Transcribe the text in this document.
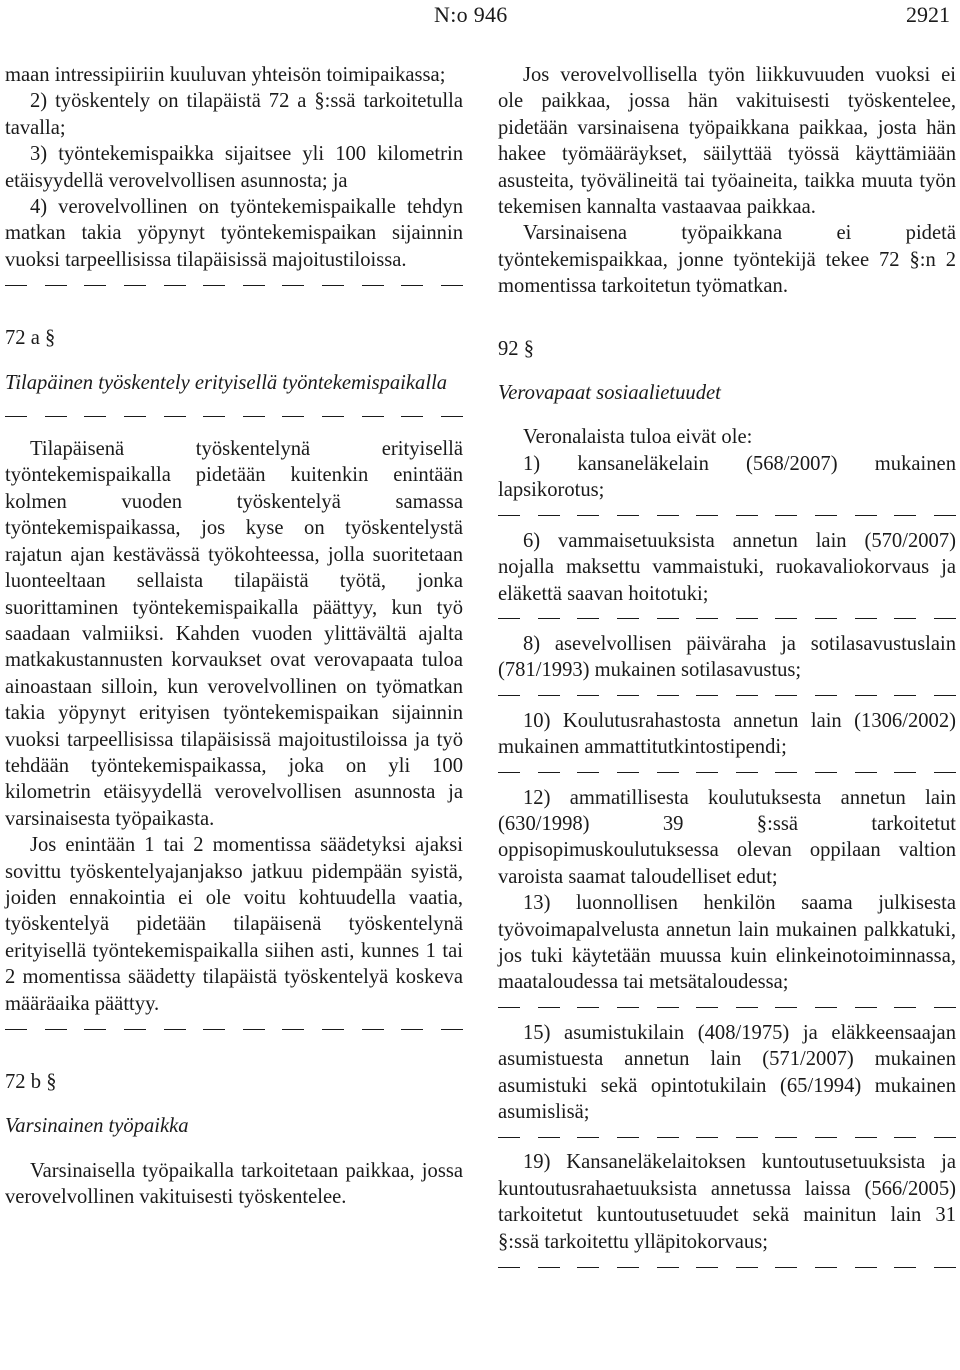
N:o 946	2921

maan intressipiiriin kuuluvan yhteisön toimipaikassa;

2) työskentely on tilapäistä 72 a §:ssä tarkoitetulla tavalla;

3) työntekemispaikka sijaitsee yli 100 kilometrin etäisyydellä verovelvollisen asunnosta; ja

4) verovelvollinen on työntekemispaikalle tehdyn matkan takia yöpynyt työntekemispaikan sijainnin vuoksi tarpeellisissa tilapäisissä majoitustiloissa.

72 a §

Tilapäinen työskentely erityisellä työntekemispaikalla

Tilapäisenä työskentelynä erityisellä työntekemispaikalla pidetään kuitenkin enintään kolmen vuoden työskentelyä samassa työntekemispaikassa, jos kyse on työskentelystä rajatun ajan kestävässä työkohteessa, jolla suoritetaan luonteeltaan sellaista tilapäistä työtä, jonka suorittaminen työntekemispaikalla päättyy, kun työ saadaan valmiiksi. Kahden vuoden ylittävältä ajalta matkakustannusten korvaukset ovat verovapaata tuloa ainoastaan silloin, kun verovelvollinen on työmatkan takia yöpynyt erityisen työntekemispaikan sijainnin vuoksi tarpeellisissa tilapäisissä majoitustiloissa ja työ tehdään työntekemispaikassa, joka on yli 100 kilometrin etäisyydellä verovelvollisen asunnosta ja varsinaisesta työpaikasta.

Jos enintään 1 tai 2 momentissa säädetyksi ajaksi sovittu työskentelyajanjakso jatkuu pidempään syistä, joiden ennakointia ei ole voitu kohtuudella vaatia, työskentelyä pidetään tilapäisenä työskentelynä erityisellä työntekemispaikalla siihen asti, kunnes 1 tai 2 momentissa säädetty tilapäistä työskentelyä koskeva määräaika päättyy.

72 b §

Varsinainen työpaikka

Varsinaisella työpaikalla tarkoitetaan paikkaa, jossa verovelvollinen vakituisesti työskentelee.

Jos verovelvollisella työn liikkuvuuden vuoksi ei ole paikkaa, jossa hän vakituisesti työskentelee, pidetään varsinaisena työpaikkana paikkaa, josta hän hakee työmääräykset, säilyttää työssä käyttämiään asusteita, työvälineitä tai työaineita, taikka muuta työn tekemisen kannalta vastaavaa paikkaa.

Varsinaisena työpaikkana ei pidetä työntekemispaikkaa, jonne työntekijä tekee 72 §:n 2 momentissa tarkoitetun työmatkan.

92 §

Verovapaat sosiaalietuudet

Veronalaista tuloa eivät ole:

1) kansaneläkelain (568/2007) mukainen lapsikorotus;

6) vammaisetuuksista annetun lain (570/2007) nojalla maksettu vammaistuki, ruokavaliokorvaus ja eläkettä saavan hoitotuki;

8) asevelvollisen päiväraha ja sotilasavustuslain (781/1993) mukainen sotilasavustus;

10) Koulutusrahastosta annetun lain (1306/2002) mukainen ammattitutkintostipendi;

12) ammatillisesta koulutuksesta annetun lain (630/1998) 39 §:ssä tarkoitetut oppisopimuskoulutuksessa olevan oppilaan valtion varoista saamat taloudelliset edut;

13) luonnollisen henkilön saama julkisesta työvoimapalvelusta annetun lain mukainen palkkatuki, jos tuki käytetään muussa kuin elinkeinotoiminnassa, maataloudessa tai metsätaloudessa;

15) asumistukilain (408/1975) ja eläkkeensaajan asumistuesta annetun lain (571/2007) mukainen asumistuki sekä opintotukilain (65/1994) mukainen asumislisä;

19) Kansaneläkelaitoksen kuntoutusetuuksista ja kuntoutusrahaetuuksista annetussa laissa (566/2005) tarkoitetut kuntoutusetuudet sekä mainitun lain 31 §:ssä tarkoitettu ylläpitokorvaus;
